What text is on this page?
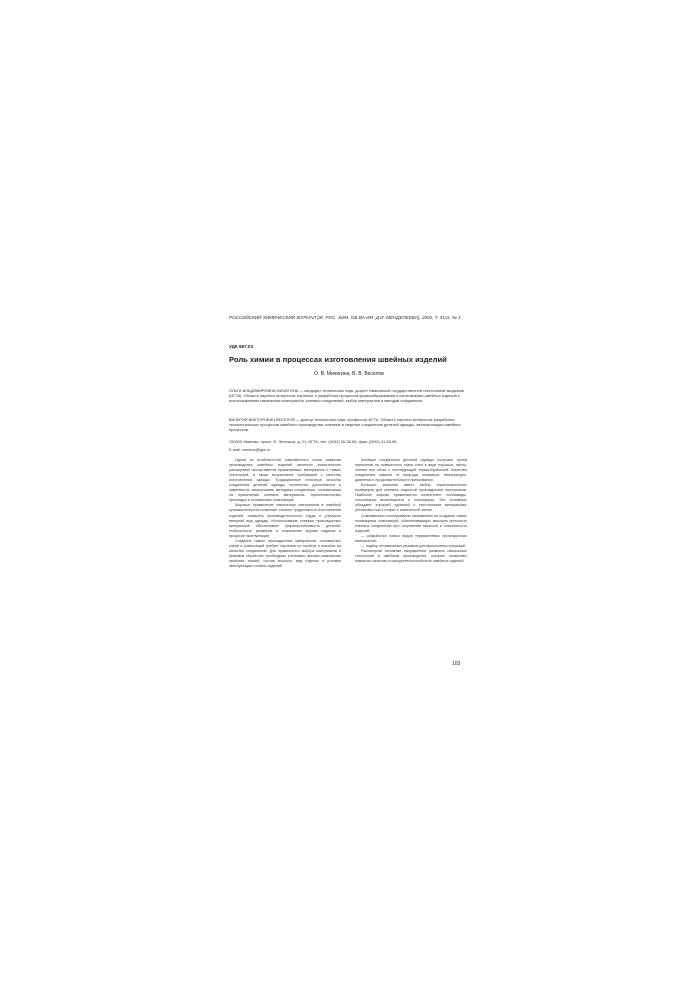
РОССИЙСКИЙ ХИМИЧЕСКИЙ ЖУРНАЛ (Ж. РОС. ХИМ. ОБ-ВА ИМ. Д.И. МЕНДЕЛЕЕВА), 2002, Т. XLVI, № 1
УДК 687.03
Роль химии в процессах изготовления швейных изделий
О. В. Мичигина, В. В. Веселов
ОЛЬГА ВЛАДИМИРОВНА МИЧИГИНА — кандидат технических наук, доцент Ивановской государственной текстильной академии (ИГТА). Область научных интересов: изучение и разработка процессов формообразования и изготовления швейных изделий с использованием химических материалов, клеевых соединений, выбор материалов и методов соединения.
ВАЛЕРИЙ ВИКТОРОВИЧ ВЕСЕЛОВ — доктор технических наук, профессор ИГТА. Область научных интересов: разработка технологических процессов швейного производства, клеевые и сварные соединения деталей одежды, автоматизация швейных процессов.
153000 Иваново, просп. Ф. Энгельса, д. 21, ИГТА, тел. (0932) 30-38-65, факс (0932) 41-50-88
E-mail: veselov@igta.ru

Одной из особенностей современного этапа развития производства швейных изделий является значительное расширение ассортимента применяемых материалов и новых технологий, а также возрастание требований к качеству изготовления одежды. Традиционные ниточные способы соединения деталей одежды постепенно дополняются и заменяются химическими методами соединения, основанными на применении клеевых материалов, термопластичных прокладок и полимерных композиций.

Широкое применение химических материалов в швейной промышленности позволяет снизить трудоемкость изготовления изделий, повысить производительность труда и улучшить внешний вид одежды. Использование клеевых прокладочных материалов обеспечивает формоустойчивость деталей, стабильность размеров и сохранение формы изделия в процессе эксплуатации.

Создание новых прокладочных материалов, полимерных клеев и композиций требует изучения их свойств и влияния на качество соединений. Для правильного выбора материалов и режимов обработки необходимо учитывать физико-химические свойства тканей, состав волокон, вид отделки и условия эксплуатации готовых изделий.

Клеевые соединения деталей одежды получают путем нанесения на поверхность ткани клея в виде порошка, пасты, пленки или сетки с последующей термообработкой. Качество соединения зависит от природы полимера, температуры, давления и продолжительности прессования.

Большое значение имеет выбор термопластичных полимеров для клеевых покрытий прокладочных материалов. Наиболее широко применяются полиэтилен, полиамиды, сополимеры винилацетата и полиэфиры. Эти полимеры обладают хорошей адгезией к текстильным материалам, устойчивостью к стирке и химической чистке.

Современные исследования направлены на создание новых полимерных композиций, обеспечивающих высокую прочность клеевых соединений при сохранении мягкости и эластичности изделий:

— разработка новых видов термоклеевых прокладочных материалов;

— подбор оптимальных режимов для выполнения операций.

Рассмотрим основные направления развития химических технологий в швейном производстве, которые позволяют повысить качество и конкурентоспособность швейных изделий.

103
